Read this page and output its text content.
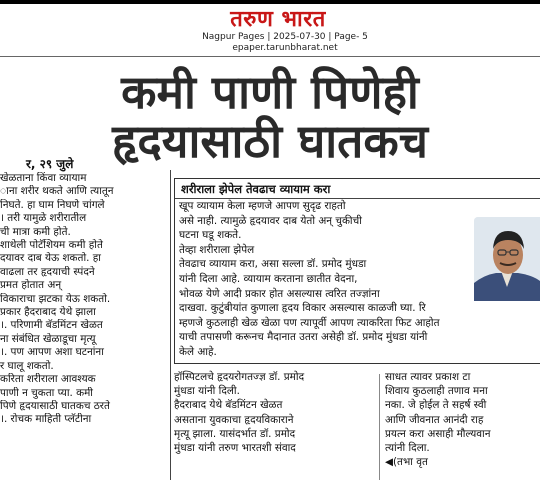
तरुण भारत
Nagpur Pages | 2025-07-30 | Page- 5
epaper.tarunbharat.net
कमी पाणी पिणेही
हृदयासाठी घातकच
र, २९ जुले
खेळताना किंवा व्यायाम
ाना शरीर थकते आणि त्यातून
निघते. हा घाम निघणे चांगले
। तरी यामुळे शरीरातील
ची मात्रा कमी होते.
शाथेली पोटॅशियम कमी होते
दयावर दाब येऊ शकतो. हा
वाढला तर हृदयाची स्पंदने
प्रमत होतात अन्
विकाराचा झटका येऊ शकतो.
प्रकार हैदराबाद येथे झाला
।. परिणामी बॅडमिंटन खेळत
ना संबंधित खेळाडूचा मृत्यू
।. पण आपण अशा घटनांना
र घालू शकतो.
करिता शरीराला आवश्यक
पाणी न चुकता प्या. कमी
पिणे हृदयासाठी घातकच ठरते
।. रोचक माहिती प्लॅटीना
शरीराला झेपेल तेवढाच व्यायाम करा
खूप व्यायाम केला म्हणजे आपण सुदृढ राहतो
असे नाही. त्यामुळे हृदयावर दाब येतो अन् चुकीची
घटना घडू शकते.
तेव्हा शरीराला झेपेल
तेवढाच व्यायाम करा, असा सल्ला डॉ. प्रमोद मुंधडा
यांनी दिला आहे. व्यायाम करताना छातीत वेदना,
भोवळ येणे आदी प्रकार होत असल्यास त्वरित तज्ज्ञांना
दाखवा. कुटुंबीयांत कुणाला हृदय विकार असल्यास काळजी घ्या. रि
म्हणजे कुठलाही खेळ खेळा पण त्यापूर्वी आपण त्याकरिता फिट आहोत
याची तपासणी करूनच मैदानात उतरा असेही डॉ. प्रमोद मुंधडा यांनी
केले आहे.
हॉस्पिटलचे हृदयरोगतज्ज्ञ डॉ. प्रमोद
मुंधडा यांनी दिली.
हैदराबाद येथे बॅडमिंटन खेळत
असताना युवकाचा हृदयविकाराने
मृत्यू झाला. यासंदर्भात डॉ. प्रमोद
मुंधडा यांनी तरुण भारतशी संवाद
साधत त्यावर प्रकाश टा
शिवाय कुठलाही तणाव मना
नका. जे होईल ते सहर्ष स्वी
आणि जीवनात आनंदी राह
प्रयत्न करा असाही मौल्यवान
त्यांनी दिला.
◀(तभा वृत
